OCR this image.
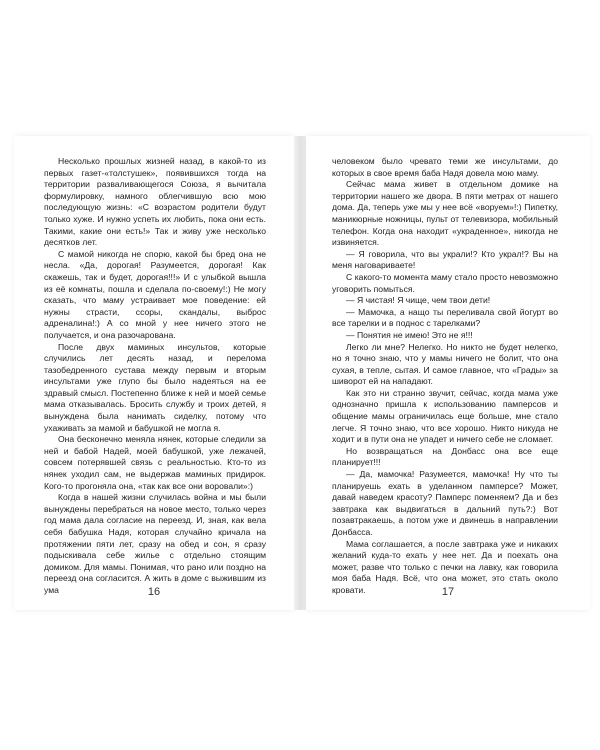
Несколько прошлых жизней назад, в какой-то из первых газет-«толстушек», появившихся тогда на территории разваливающегося Союза, я вычитала формулировку, намного облегчившую всю мою последующую жизнь: «С возрастом родители будут только хуже. И нужно успеть их любить, пока они есть. Такими, какие они есть!» Так и живу уже несколько десятков лет.

С мамой никогда не спорю, какой бы бред она не несла. «Да, дорогая! Разумеется, дорогая! Как скажешь, так и будет, дорогая!!!» И с улыбкой вышла из её комнаты, пошла и сделала по-своему!:) Не могу сказать, что маму устраивает мое поведение: ей нужны страсти, ссоры, скандалы, выброс адреналина!:) А со мной у нее ничего этого не получается, и она разочарована.

После двух маминых инсультов, которые случились лет десять назад, и перелома тазобедренного сустава между первым и вторым инсультами уже глупо бы было надеяться на ее здравый смысл. Постепенно ближе к ней и моей семье мама отказывалась. Бросить службу и троих детей, я вынуждена была нанимать сиделку, потому что ухаживать за мамой и бабушкой не могла я.

Она бесконечно меняла нянек, которые следили за ней и бабой Надей, моей бабушкой, уже лежачей, совсем потерявшей связь с реальностью. Кто-то из нянек уходил сам, не выдержав маминых придирок. Кого-то прогоняла она, «так как все они воровали»:)

Когда в нашей жизни случилась война и мы были вынуждены перебраться на новое место, только через год мама дала согласие на переезд. И, зная, как вела себя бабушка Надя, которая случайно кричала на протяжении пяти лет, сразу на обед и сон, я сразу подыскивала себе жилье с отдельно стоящим домиком. Для мамы. Понимая, что рано или поздно на переезд она согласится. А жить в доме с выжившим из ума	16

человеком было чревато теми же инсультами, до которых в свое время баба Надя довела мою маму.

Сейчас мама живет в отдельном домике на территории нашего же двора. В пяти метрах от нашего дома. Да, теперь уже мы у нее всё «воруем»!:) Пипетку, маникюрные ножницы, пульт от телевизора, мобильный телефон. Когда она находит «украденное», никогда не извиняется.

— Я говорила, что вы украли!? Кто украл!? Вы на меня наговариваете!

С какого-то момента маму стало просто невозможно уговорить помыться.

— Я чистая! Я чище, чем твои дети!

— Мамочка, а нащо ты переливала свой йогурт во все тарелки и в поднос с тарелками?

— Понятия не имею! Это не я!!!

Легко ли мне? Нелегко. Но никто не будет нелегко, но я точно знаю, что у мамы ничего не болит, что она сухая, в тепле, сытая. И самое главное, что «Грады» за шиворот ей на нападают.

Как это ни странно звучит, сейчас, когда мама уже однозначно пришла к использованию памперсов и общение мамы ограничилась еще больше, мне стало легче. Я точно знаю, что все хорошо. Никто никуда не ходит и в пути она не упадет и ничего себе не сломает.

Но возвращаться на Донбасс она все еще планирует!!!

— Да, мамочка! Разумеется, мамочка! Ну что ты планируешь ехать в уделанном памперсе? Может, давай наведем красоту? Памперс поменяем? Да и без завтрака как выдвигаться в дальний путь?:) Вот позавтракаешь, а потом уже и двинешь в направлении Донбасса.

Мама соглашается, а после завтрака уже и никаких желаний куда-то ехать у нее нет. Да и поехать она может, разве что только с печки на лавку, как говорила моя баба Надя. Всё, что она может, это стать около кровати.	17
